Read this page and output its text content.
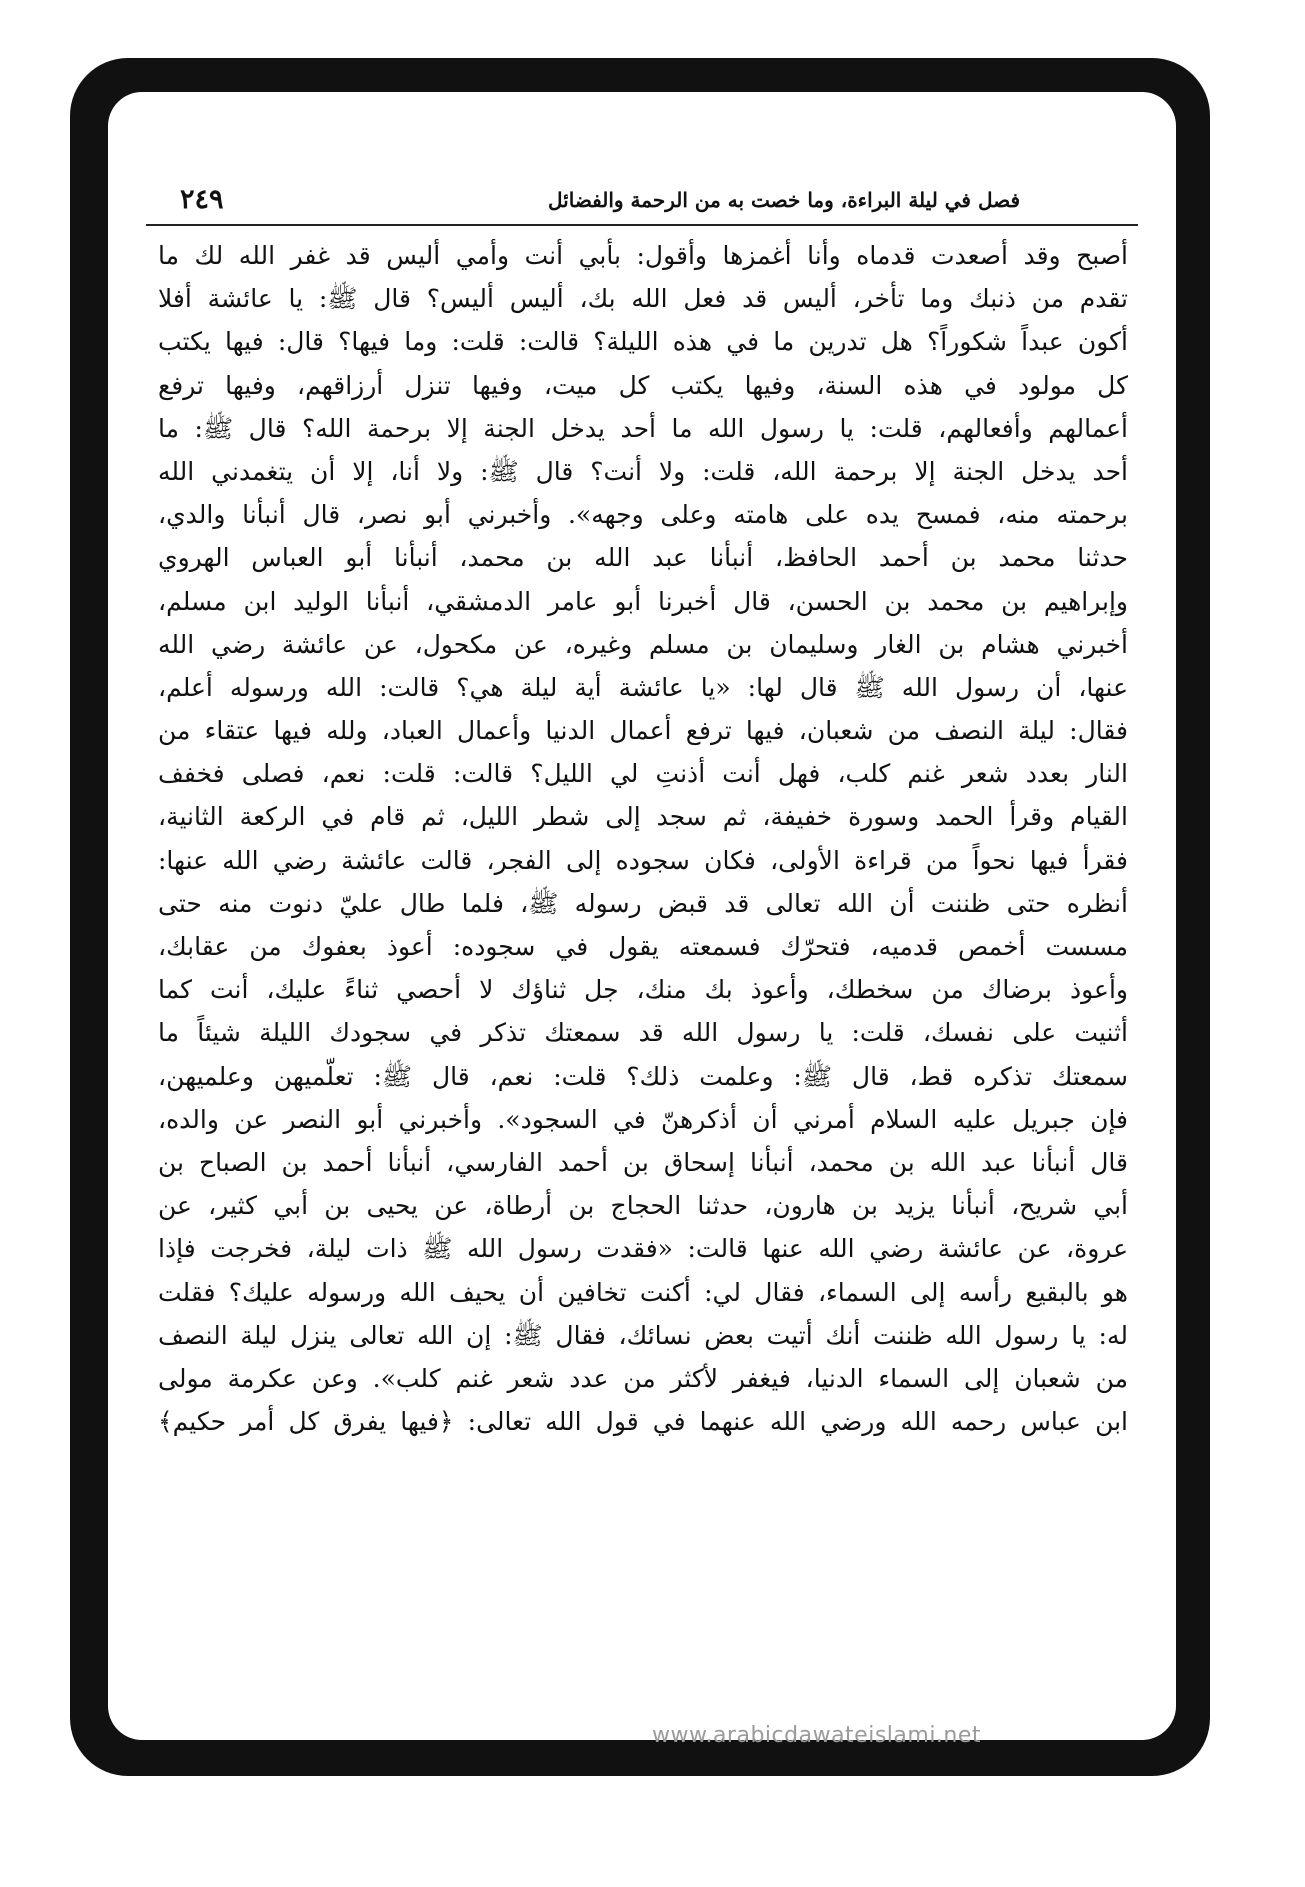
فصل في ليلة البراءة، وما خصت به من الرحمة والفضائل
٢٤٩
أصبح وقد أصعدت قدماه وأنا أغمزها وأقول: بأبي أنت وأمي أليس قد غفر الله لك ما
تقدم من ذنبك وما تأخر، أليس قد فعل الله بك، أليس أليس؟ قال ﷺ: يا عائشة أفلا
أكون عبداً شكوراً؟ هل تدرين ما في هذه الليلة؟ قالت: قلت: وما فيها؟ قال: فيها يكتب
كل مولود في هذه السنة، وفيها يكتب كل ميت، وفيها تنزل أرزاقهم، وفيها ترفع
أعمالهم وأفعالهم، قلت: يا رسول الله ما أحد يدخل الجنة إلا برحمة الله؟ قال ﷺ: ما
أحد يدخل الجنة إلا برحمة الله، قلت: ولا أنت؟ قال ﷺ: ولا أنا، إلا أن يتغمدني الله
برحمته منه، فمسح يده على هامته وعلى وجهه». وأخبرني أبو نصر، قال أنبأنا والدي،
حدثنا محمد بن أحمد الحافظ، أنبأنا عبد الله بن محمد، أنبأنا أبو العباس الهروي
وإبراهيم بن محمد بن الحسن، قال أخبرنا أبو عامر الدمشقي، أنبأنا الوليد ابن مسلم،
أخبرني هشام بن الغار وسليمان بن مسلم وغيره، عن مكحول، عن عائشة رضي الله
عنها، أن رسول الله ﷺ قال لها: «يا عائشة أية ليلة هي؟ قالت: الله ورسوله أعلم،
فقال: ليلة النصف من شعبان، فيها ترفع أعمال الدنيا وأعمال العباد، ولله فيها عتقاء من
النار بعدد شعر غنم كلب، فهل أنت أذنتِ لي الليل؟ قالت: قلت: نعم، فصلى فخفف
القيام وقرأ الحمد وسورة خفيفة، ثم سجد إلى شطر الليل، ثم قام في الركعة الثانية،
فقرأ فيها نحواً من قراءة الأولى، فكان سجوده إلى الفجر، قالت عائشة رضي الله عنها:
أنظره حتى ظننت أن الله تعالى قد قبض رسوله ﷺ، فلما طال عليّ دنوت منه حتى
مسست أخمص قدميه، فتحرّك فسمعته يقول في سجوده: أعوذ بعفوك من عقابك،
وأعوذ برضاك من سخطك، وأعوذ بك منك، جل ثناؤك لا أحصي ثناءً عليك، أنت كما
أثنيت على نفسك، قلت: يا رسول الله قد سمعتك تذكر في سجودك الليلة شيئاً ما
سمعتك تذكره قط، قال ﷺ: وعلمت ذلك؟ قلت: نعم، قال ﷺ: تعلّميهن وعلميهن،
فإن جبريل عليه السلام أمرني أن أذكرهنّ في السجود». وأخبرني أبو النصر عن والده،
قال أنبأنا عبد الله بن محمد، أنبأنا إسحاق بن أحمد الفارسي، أنبأنا أحمد بن الصباح بن
أبي شريح، أنبأنا يزيد بن هارون، حدثنا الحجاج بن أرطاة، عن يحيى بن أبي كثير، عن
عروة، عن عائشة رضي الله عنها قالت: «فقدت رسول الله ﷺ ذات ليلة، فخرجت فإذا
هو بالبقيع رأسه إلى السماء، فقال لي: أكنت تخافين أن يحيف الله ورسوله عليك؟ فقلت
له: يا رسول الله ظننت أنك أتيت بعض نسائك، فقال ﷺ: إن الله تعالى ينزل ليلة النصف
من شعبان إلى السماء الدنيا، فيغفر لأكثر من عدد شعر غنم كلب». وعن عكرمة مولى
ابن عباس رحمه الله ورضي الله عنهما في قول الله تعالى: ﴿فيها يفرق كل أمر حكيم﴾
www.arabicdawateislami.net
